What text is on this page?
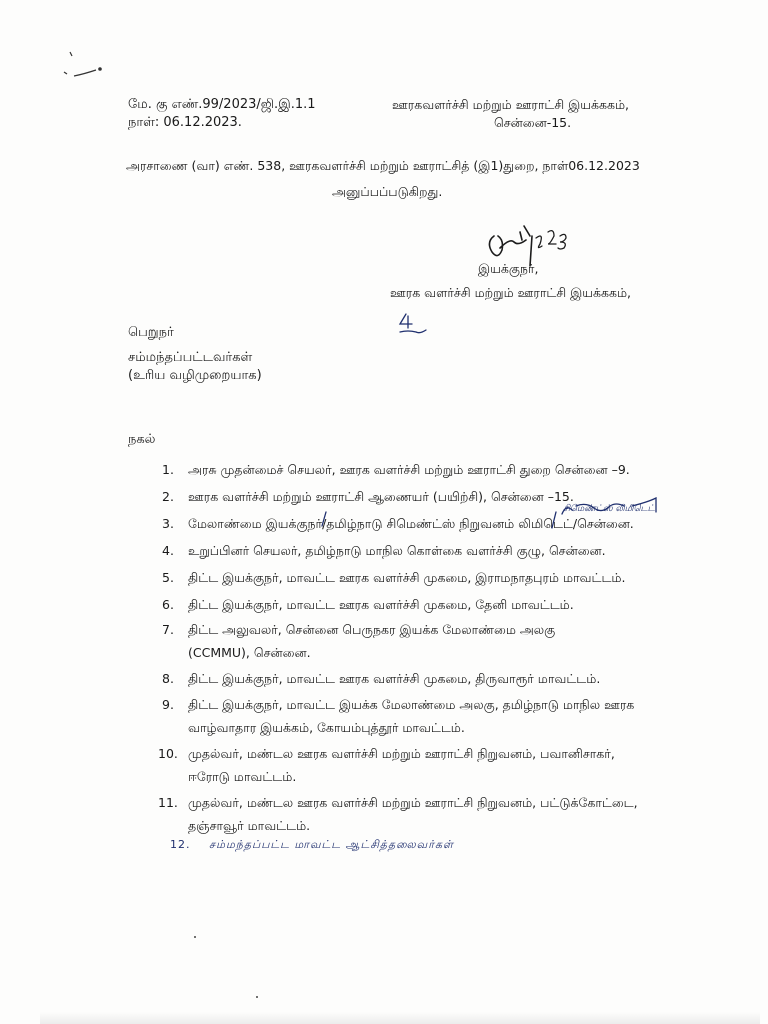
மே. கு எண்.99/2023/ஜி.இ.1.1
நாள்: 06.12.2023.
ஊரகவளர்ச்சி மற்றும் ஊராட்சி இயக்ககம்,
சென்னை-15.
அரசாணை (வா) எண். 538, ஊரகவளர்ச்சி மற்றும் ஊராட்சித் (இ1)துறை, நாள்06.12.2023
அனுப்பப்படுகிறது.
இயக்குநர்,
ஊரக வளர்ச்சி மற்றும் ஊராட்சி இயக்ககம்,
பெறுநர்
சம்மந்தப்பட்டவர்கள்
(உரிய வழிமுறையாக)
நகல்
1.	அரசு முதன்மைச் செயலர், ஊரக வளர்ச்சி மற்றும் ஊராட்சி துறை சென்னை –9.
2.	ஊரக வளர்ச்சி மற்றும் ஊராட்சி ஆணையர் (பயிற்சி), சென்னை –15.
3.	மேலாண்மை இயக்குநர்/தமிழ்நாடு சிமெண்ட்ஸ் நிறுவனம் லிமிடெட்/சென்னை.
4.	உறுப்பினர் செயலர், தமிழ்நாடு மாநில கொள்கை வளர்ச்சி குழு, சென்னை.
5.	திட்ட இயக்குநர், மாவட்ட ஊரக வளர்ச்சி முகமை, இராமநாதபுரம் மாவட்டம்.
6.	திட்ட இயக்குநர், மாவட்ட ஊரக வளர்ச்சி முகமை, தேனி மாவட்டம்.
7.	திட்ட அலுவலர், சென்னை பெருநகர இயக்க மேலாண்மை அலகு (CCMMU), சென்னை.
8.	திட்ட இயக்குநர், மாவட்ட ஊரக வளர்ச்சி முகமை, திருவாரூர் மாவட்டம்.
9.	திட்ட இயக்குநர், மாவட்ட இயக்க மேலாண்மை அலகு, தமிழ்நாடு மாநில ஊரக வாழ்வாதார இயக்கம், கோயம்புத்தூர் மாவட்டம்.
10. முதல்வர், மண்டல ஊரக வளர்ச்சி மற்றும் ஊராட்சி நிறுவனம், பவானிசாகர், ஈரோடு மாவட்டம்.
11. முதல்வர், மண்டல ஊரக வளர்ச்சி மற்றும் ஊராட்சி நிறுவனம், பட்டுக்கோட்டை, தஞ்சாவூர் மாவட்டம்.
12. சம்மந்தப்பட்ட மாவட்ட ஆட்சித்தலைவர்கள்
சிமெண்ட்ஸ் லிமிடெட்
